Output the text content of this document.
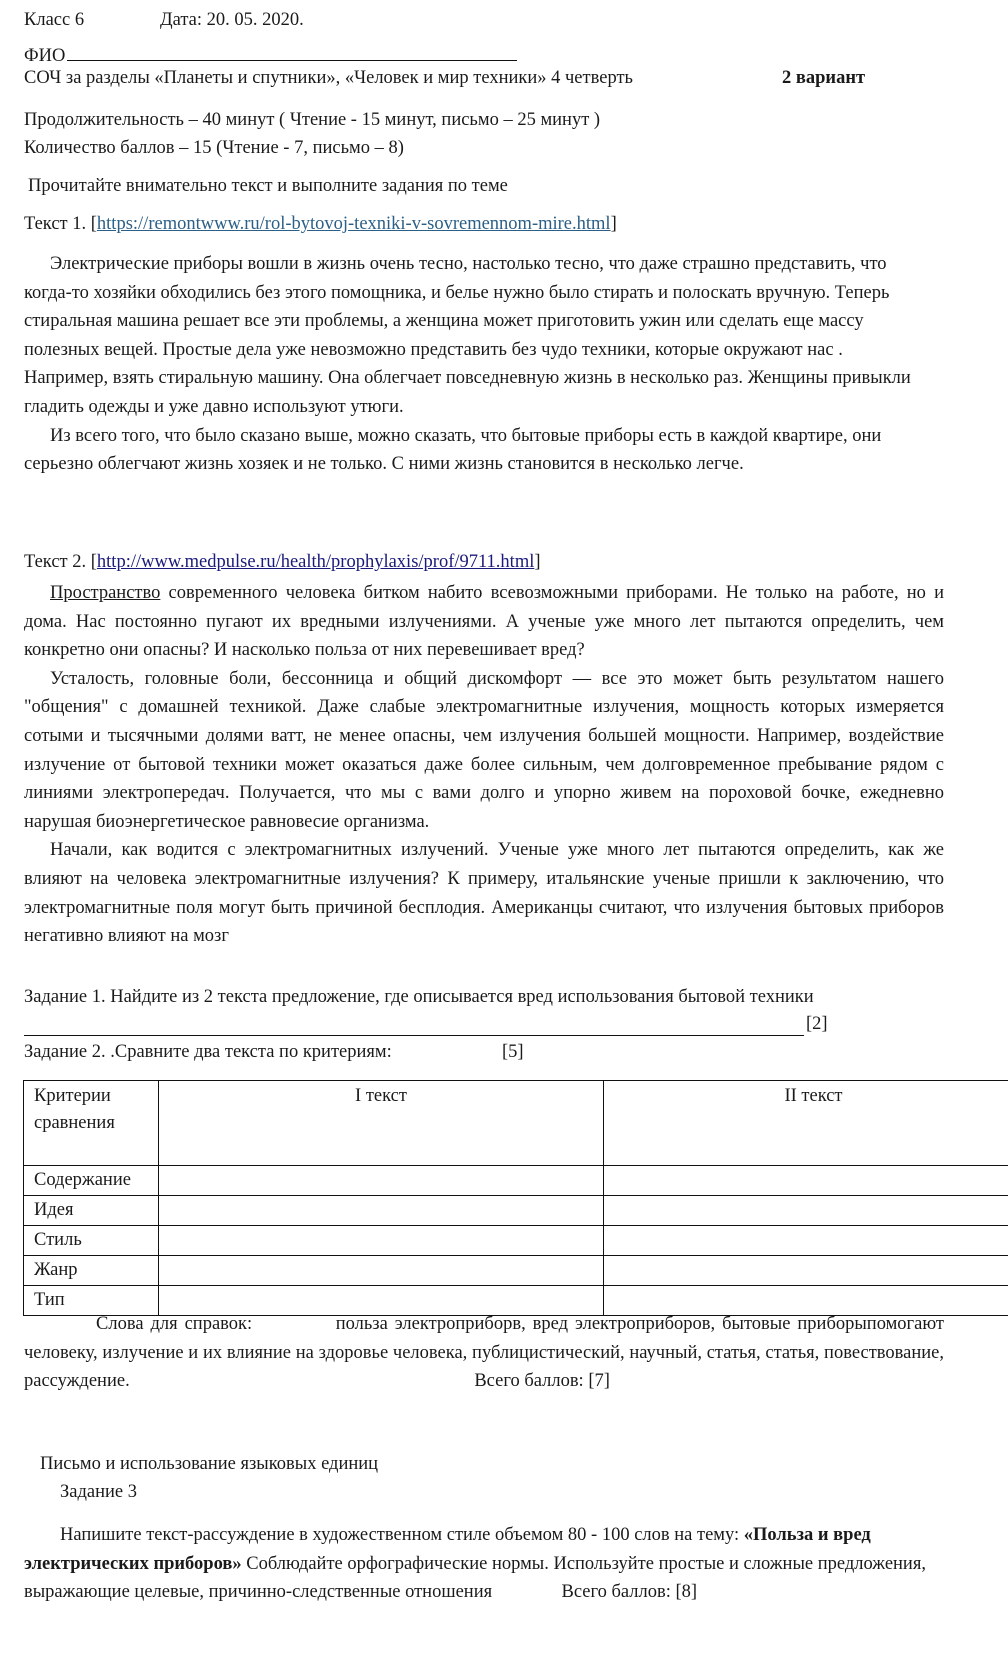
Класс 6	Дата: 20. 05. 2020.
ФИО
СОЧ за разделы «Планеты и спутники», «Человек и мир техники» 4 четверть	2 вариант
Продолжительность – 40 минут ( Чтение - 15 минут, письмо – 25 минут )
Количество баллов – 15 (Чтение - 7, письмо – 8)
Прочитайте внимательно текст и выполните задания по теме
Текст 1. [https://remontwww.ru/rol-bytovoj-texniki-v-sovremennom-mire.html]

Электрические приборы вошли в жизнь очень тесно, настолько тесно, что даже страшно представить, что когда-то хозяйки обходились без этого помощника, и белье нужно было стирать и полоскать вручную. Теперь стиральная машина решает все эти проблемы, а женщина может приготовить ужин или сделать еще массу полезных вещей. Простые дела уже невозможно представить без чудо техники, которые окружают нас . Например, взять стиральную машину. Она облегчает повседневную жизнь в несколько раз. Женщины привыкли гладить одежды и уже давно используют утюги.

Из всего того, что было сказано выше, можно сказать, что бытовые приборы есть в каждой квартире, они серьезно облегчают жизнь хозяек и не только. С ними жизнь становится в несколько легче.

Текст 2. [http://www.medpulse.ru/health/prophylaxis/prof/9711.html]

Пространство современного человека битком набито всевозможными приборами. Не только на работе, но и дома. Нас постоянно пугают их вредными излучениями. А ученые уже много лет пытаются определить, чем конкретно они опасны? И насколько польза от них перевешивает вред?

Усталость, головные боли, бессонница и общий дискомфорт — все это может быть результатом нашего "общения" с домашней техникой. Даже слабые электромагнитные излучения, мощность которых измеряется сотыми и тысячными долями ватт, не менее опасны, чем излучения большей мощности. Например, воздействие излучение от бытовой техники может оказаться даже более сильным, чем долговременное пребывание рядом с линиями электропередач. Получается, что мы с вами долго и упорно живем на пороховой бочке, ежедневно нарушая биоэнергетическое равновесие организма.

Начали, как водится с электромагнитных излучений. Ученые уже много лет пытаются определить, как же влияют на человека электромагнитные излучения? К примеру, итальянские ученые пришли к заключению, что электромагнитные поля могут быть причиной бесплодия. Американцы считают, что излучения бытовых приборов негативно влияют на мозг

Задание 1. Найдите из 2 текста предложение, где описывается вред использования бытовой техники
[2]
Задание 2. .Сравните два текста по критериям:	[5]
Критерии сравнения	I текст	II текст
Содержание		
Идея		
Стиль		
Жанр		
Тип		
Слова для справок:	польза электроприборв, вред электроприборов, бытовые приборыпомогают человеку, излучение и их влияние на здоровье человека, публицистический, научный, статья, статья, повествование, рассуждение.	Всего баллов: [7]
Письмо и использование языковых единиц
Задание 3

Напишите текст-рассуждение в художественном стиле объемом 80 - 100 слов на тему: «Польза и вред электрических приборов» Соблюдайте орфографические нормы. Используйте простые и сложные предложения, выражающие целевые, причинно-следственные отношения	Всего баллов: [8]
